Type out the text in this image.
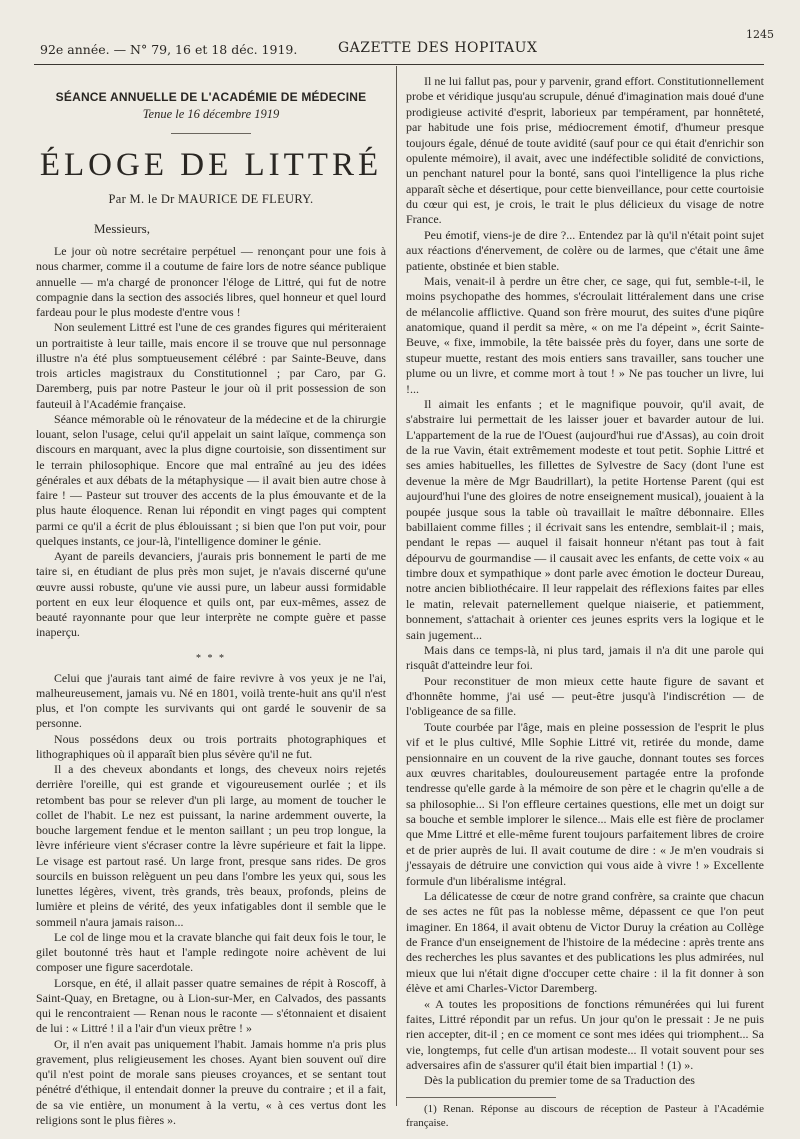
92e année. — N° 79, 16 et 18 déc. 1919.	GAZETTE DES HOPITAUX
1245
SÉANCE ANNUELLE DE L'ACADÉMIE DE MÉDECINE
Tenue le 16 décembre 1919
ÉLOGE DE LITTRÉ
Par M. le Dr MAURICE DE FLEURY.

Messieurs,

Le jour où notre secrétaire perpétuel — renonçant pour une fois à nous charmer, comme il a coutume de faire lors de notre séance publique annuelle — m'a chargé de prononcer l'éloge de Littré, qui fut de notre compagnie dans la section des associés libres, quel honneur et quel lourd fardeau pour le plus modeste d'entre vous !

Non seulement Littré est l'une de ces grandes figures qui mériteraient un portraitiste à leur taille, mais encore il se trouve que nul personnage illustre n'a été plus somptueusement célébré : par Sainte-Beuve, dans trois articles magistraux du Constitutionnel ; par Caro, par G. Daremberg, puis par notre Pasteur le jour où il prit possession de son fauteuil à l'Académie française.

Séance mémorable où le rénovateur de la médecine et de la chirurgie louant, selon l'usage, celui qu'il appelait un saint laïque, commença son discours en marquant, avec la plus digne courtoisie, son dissentiment sur le terrain philosophique. Encore que mal entraîné au jeu des idées générales et aux débats de la métaphysique — il avait bien autre chose à faire ! — Pasteur sut trouver des accents de la plus émouvante et de la plus haute éloquence. Renan lui répondit en vingt pages qui comptent parmi ce qu'il a écrit de plus éblouissant ; si bien que l'on put voir, pour quelques instants, ce jour-là, l'intelligence dominer le génie.

Ayant de pareils devanciers, j'aurais pris bonnement le parti de me taire si, en étudiant de plus près mon sujet, je n'avais discerné qu'une œuvre aussi robuste, qu'une vie aussi pure, un labeur aussi formidable portent en eux leur éloquence et quils ont, par eux-mêmes, assez de beauté rayonnante pour que leur interprète ne compte guère et passe inaperçu.

* * *

Celui que j'aurais tant aimé de faire revivre à vos yeux je ne l'ai, malheureusement, jamais vu. Né en 1801, voilà trente-huit ans qu'il n'est plus, et l'on compte les survivants qui ont gardé le souvenir de sa personne.

Nous possédons deux ou trois portraits photographiques et lithographiques où il apparaît bien plus sévère qu'il ne fut.

Il a des cheveux abondants et longs, des cheveux noirs rejetés derrière l'oreille, qui est grande et vigoureusement ourlée ; et ils retombent bas pour se relever d'un pli large, au moment de toucher le collet de l'habit. Le nez est puissant, la narine ardemment ouverte, la bouche largement fendue et le menton saillant ; un peu trop longue, la lèvre inférieure vient s'écraser contre la lèvre supérieure et fait la lippe. Le visage est partout rasé. Un large front, presque sans rides. De gros sourcils en buisson relèguent un peu dans l'ombre les yeux qui, sous les lunettes légères, vivent, très grands, très beaux, profonds, pleins de lumière et pleins de vérité, des yeux infatigables dont il semble que le sommeil n'aura jamais raison...

Le col de linge mou et la cravate blanche qui fait deux fois le tour, le gilet boutonné très haut et l'ample redingote noire achèvent de lui composer une figure sacerdotale.

Lorsque, en été, il allait passer quatre semaines de répit à Roscoff, à Saint-Quay, en Bretagne, ou à Lion-sur-Mer, en Calvados, des passants qui le rencontraient — Renan nous le raconte — s'étonnaient et disaient de lui : « Littré ! il a l'air d'un vieux prêtre ! »

Or, il n'en avait pas uniquement l'habit. Jamais homme n'a pris plus gravement, plus religieusement les choses. Ayant bien souvent ouï dire qu'il n'est point de morale sans pieuses croyances, et se sentant tout pénétré d'éthique, il entendait donner la preuve du contraire ; et il a fait, de sa vie entière, un monument à la vertu, « à ces vertus dont les religions sont le plus fières ».

Il ne lui fallut pas, pour y parvenir, grand effort. Constitutionnellement probe et véridique jusqu'au scrupule, dénué d'imagination mais doué d'une prodigieuse activité d'esprit, laborieux par tempérament, par honnêteté, par habitude une fois prise, médiocrement émotif, d'humeur presque toujours égale, dénué de toute avidité (sauf pour ce qui était d'enrichir son opulente mémoire), il avait, avec une indéfectible solidité de convictions, un penchant naturel pour la bonté, sans quoi l'intelligence la plus riche apparaît sèche et désertique, pour cette bienveillance, pour cette courtoisie du cœur qui est, je crois, le trait le plus délicieux du visage de notre France.

Peu émotif, viens-je de dire ?... Entendez par là qu'il n'était point sujet aux réactions d'énervement, de colère ou de larmes, que c'était une âme patiente, obstinée et bien stable.

Mais, venait-il à perdre un être cher, ce sage, qui fut, semble-t-il, le moins psychopathe des hommes, s'écroulait littéralement dans une crise de mélancolie afflictive. Quand son frère mourut, des suites d'une piqûre anatomique, quand il perdit sa mère, « on me l'a dépeint », écrit Sainte-Beuve, « fixe, immobile, la tête baissée près du foyer, dans une sorte de stupeur muette, restant des mois entiers sans travailler, sans toucher une plume ou un livre, et comme mort à tout ! » Ne pas toucher un livre, lui !...

Il aimait les enfants ; et le magnifique pouvoir, qu'il avait, de s'abstraire lui permettait de les laisser jouer et bavarder autour de lui. L'appartement de la rue de l'Ouest (aujourd'hui rue d'Assas), au coin droit de la rue Vavin, était extrêmement modeste et tout petit. Sophie Littré et ses amies habituelles, les fillettes de Sylvestre de Sacy (dont l'une est devenue la mère de Mgr Baudrillart), la petite Hortense Parent (qui est aujourd'hui l'une des gloires de notre enseignement musical), jouaient à la poupée jusque sous la table où travaillait le maître débonnaire. Elles babillaient comme filles ; il écrivait sans les entendre, semblait-il ; mais, pendant le repas — auquel il faisait honneur n'étant pas tout à fait dépourvu de gourmandise — il causait avec les enfants, de cette voix « au timbre doux et sympathique » dont parle avec émotion le docteur Dureau, notre ancien bibliothécaire. Il leur rappelait des réflexions faites par elles le matin, relevait paternellement quelque niaiserie, et patiemment, bonnement, s'attachait à orienter ces jeunes esprits vers la logique et le sain jugement...

Mais dans ce temps-là, ni plus tard, jamais il n'a dit une parole qui risquât d'atteindre leur foi.

Pour reconstituer de mon mieux cette haute figure de savant et d'honnête homme, j'ai usé — peut-être jusqu'à l'indiscrétion — de l'obligeance de sa fille.

Toute courbée par l'âge, mais en pleine possession de l'esprit le plus vif et le plus cultivé, Mlle Sophie Littré vit, retirée du monde, dame pensionnaire en un couvent de la rive gauche, donnant toutes ses forces aux œuvres charitables, douloureusement partagée entre la profonde tendresse qu'elle garde à la mémoire de son père et le chagrin qu'elle a de sa philosophie... Si l'on effleure certaines questions, elle met un doigt sur sa bouche et semble implorer le silence... Mais elle est fière de proclamer que Mme Littré et elle-même furent toujours parfaitement libres de croire et de prier auprès de lui. Il avait coutume de dire : « Je m'en voudrais si j'essayais de détruire une conviction qui vous aide à vivre ! » Excellente formule d'un libéralisme intégral.

La délicatesse de cœur de notre grand confrère, sa crainte que chacun de ses actes ne fût pas la noblesse même, dépassent ce que l'on peut imaginer. En 1864, il avait obtenu de Victor Duruy la création au Collège de France d'un enseignement de l'histoire de la médecine : après trente ans des recherches les plus savantes et des publications les plus admirées, nul mieux que lui n'était digne d'occuper cette chaire : il la fit donner à son élève et ami Charles-Victor Daremberg.

« A toutes les propositions de fonctions rémunérées qui lui furent faites, Littré répondit par un refus. Un jour qu'on le pressait : Je ne puis rien accepter, dit-il ; en ce moment ce sont mes idées qui triomphent... Sa vie, longtemps, fut celle d'un artisan modeste... Il votait souvent pour ses adversaires afin de s'assurer qu'il était bien impartial ! (1) ».

Dès la publication du premier tome de sa Traduction des

(1) Renan. Réponse au discours de réception de Pasteur à l'Académie française.
